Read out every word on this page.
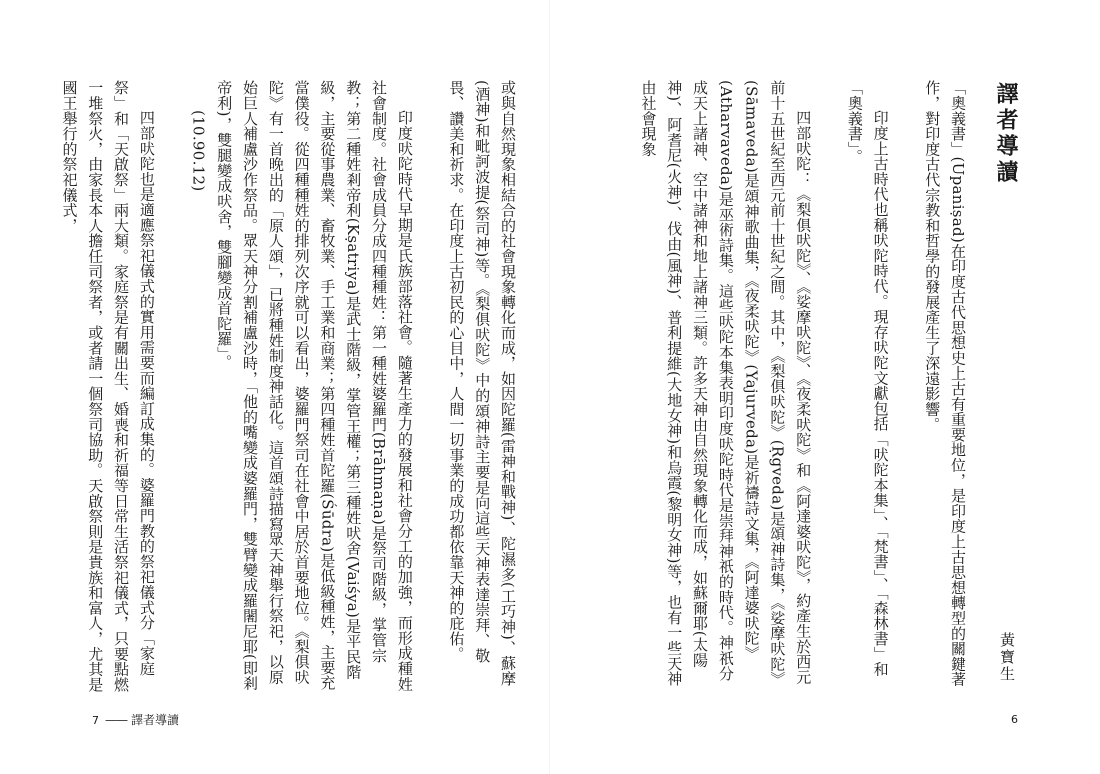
譯者導讀
黃寶生

「奧義書」(Upaniṣad)在印度古代思想史上古有重要地位，是印度上古思想轉型的關鍵著作，對印度古代宗教和哲學的發展產生了深遠影響。

印度上古時代也稱吠陀時代。現存吠陀文獻包括「吠陀本集」、「梵書」、「森林書」和「奧義書」。

四部吠陀：《梨俱吠陀》、《娑摩吠陀》、《夜柔吠陀》和《阿達婆吠陀》，約產生於西元前十五世紀至西元前十世紀之間。其中，《梨俱吠陀》(Ṛgveda)是頌神詩集，《娑摩吠陀》(Sāmaveda)是頌神歌曲集，《夜柔吠陀》(Yajurveda)是祈禱詩文集，《阿達婆吠陀》(Atharvaveda)是巫術詩集。這些吠陀本集表明印度吠陀時代是崇拜神祇的時代。神祇分成天上諸神、空中諸神和地上諸神三類。許多天神由自然現象轉化而成，如蘇爾耶(太陽神)、阿耆尼(火神)、伐由(風神)、普利提維(大地女神)和烏霞(黎明女神)等，也有一些天神由社會現象

6

或與自然現象相結合的社會現象轉化而成，如因陀羅(雷神和戰神)、陀濕多(工巧神)、蘇摩(酒神)和毗訶波提(祭司神)等。《梨俱吠陀》中的頌神詩主要是向這些天神表達崇拜、敬畏、讚美和祈求。在印度上古初民的心目中，人間一切事業的成功都依靠天神的庇佑。

印度吠陀時代早期是氏族部落社會。隨著生產力的發展和社會分工的加強，而形成種姓社會制度。社會成員分成四種種姓：第一種姓婆羅門(Brāhmaṇa)是祭司階級，掌管宗教；第二種姓剎帝利(Kṣatriya)是武士階級，掌管王權；第三種姓吠舍(Vaiśya)是平民階級，主要從事農業、畜牧業、手工業和商業；第四種姓首陀羅(Śūdra)是低級種姓，主要充當僕役。從四種種姓的排列次序就可以看出，婆羅門祭司在社會中居於首要地位。《梨俱吠陀》有一首晚出的「原人頌」，已將種姓制度神話化。這首頌詩描寫眾天神舉行祭祀，以原始巨人補盧沙作祭品。眾天神分割補盧沙時，「他的嘴變成婆羅門，雙臂變成羅闍尼耶(即剎帝利)，雙腿變成吠舍，雙腳變成首陀羅」。

(10.90.12)

四部吠陀也是適應祭祀儀式的實用需要而編訂成集的。婆羅門教的祭祀儀式分「家庭祭」和「天啟祭」兩大類。家庭祭是有關出生、婚喪和祈福等日常生活祭祀儀式，只要點燃一堆祭火，由家長本人擔任司祭者，或者請一個祭司協助。天啟祭則是貴族和富人，尤其是國王舉行的祭祀儀式，

7 —— 譯者導讀
